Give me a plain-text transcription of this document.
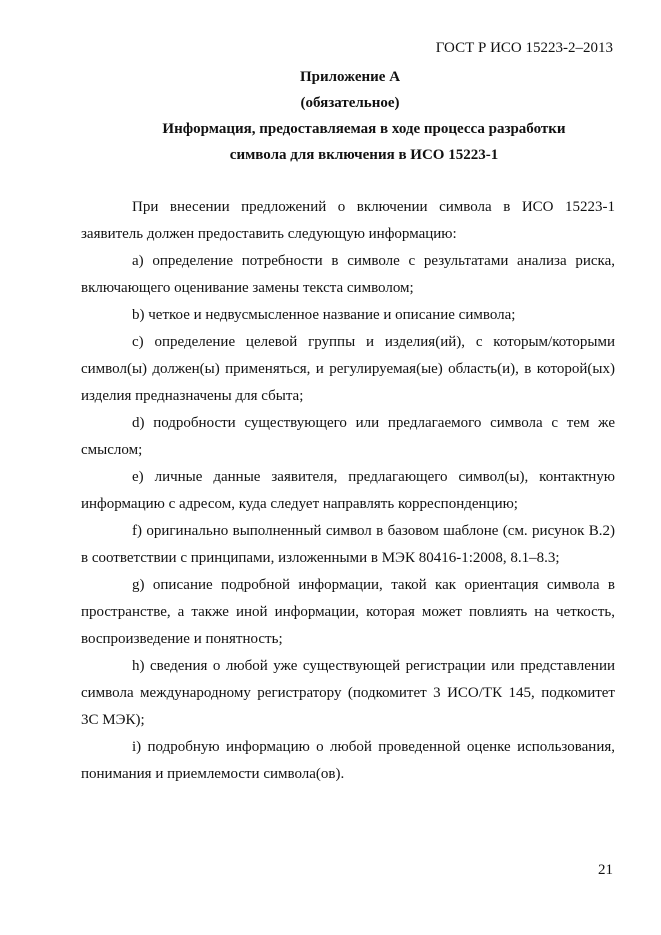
ГОСТ Р ИСО 15223-2–2013
Приложение А
(обязательное)
Информация, предоставляемая в ходе процесса разработки
символа для включения в ИСО 15223-1

При внесении предложений о включении символа в ИСО 15223-1 заявитель должен предоставить следующую информацию:

а) определение потребности в символе с результатами анализа риска, включающего оценивание замены текста символом;

b) четкое и недвусмысленное название и описание символа;

c) определение целевой группы и изделия(ий), с которым/которыми символ(ы) должен(ы) применяться, и регулируемая(ые) область(и), в которой(ых) изделия предназначены для сбыта;

d) подробности существующего или предлагаемого символа с тем же смыслом;

e) личные данные заявителя, предлагающего символ(ы), контактную информацию с адресом, куда следует направлять корреспонденцию;

f) оригинально выполненный символ в базовом шаблоне (см. рисунок В.2) в соответствии с принципами, изложенными в МЭК 80416-1:2008, 8.1–8.3;

g) описание подробной информации, такой как ориентация символа в пространстве, а также иной информации, которая может повлиять на четкость, воспроизведение и понятность;

h) сведения о любой уже существующей регистрации или представлении символа международному регистратору (подкомитет 3 ИСО/ТК 145, подкомитет 3С МЭК);

i) подробную информацию о любой проведенной оценке использования, понимания и приемлемости символа(ов).

21
